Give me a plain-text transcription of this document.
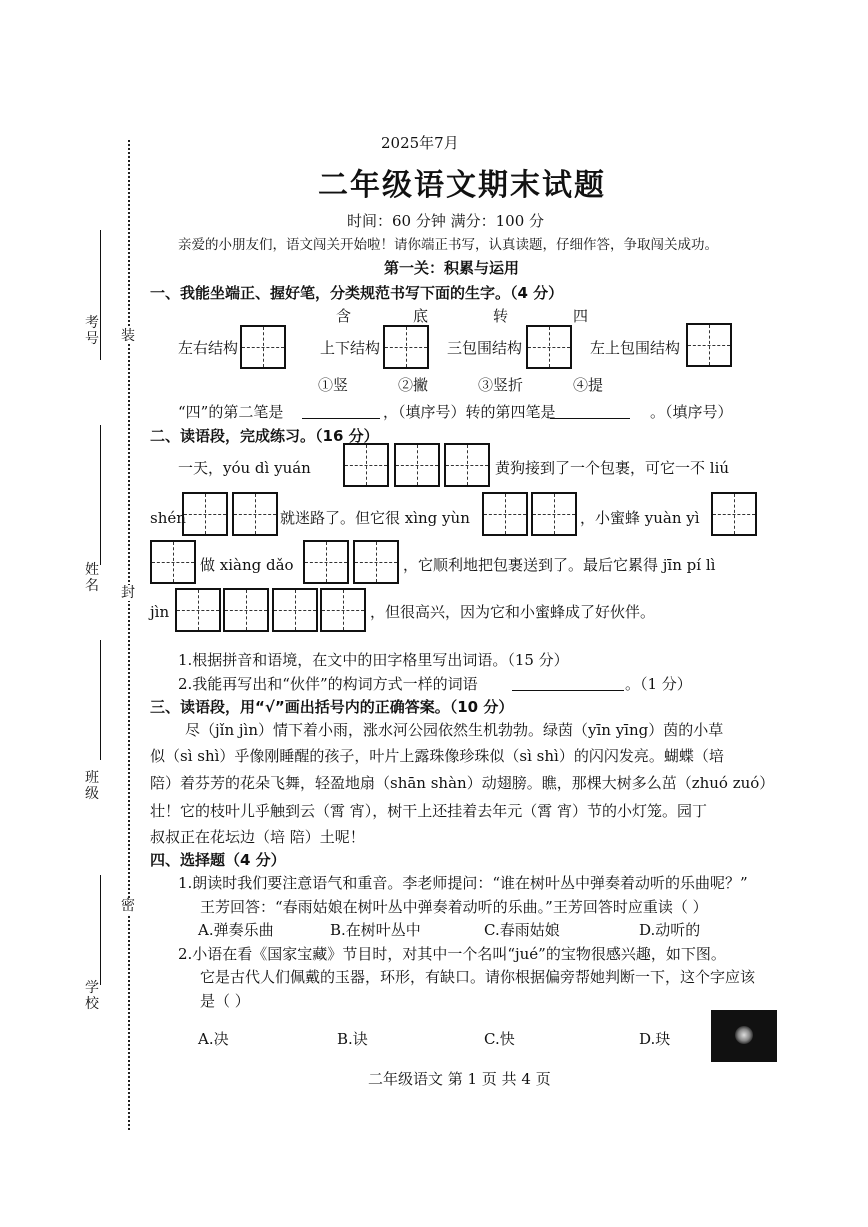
考号
姓名
班级
学校
装
封
密
2025年7月
二年级语文期末试题
时间：60 分钟 满分：100 分
亲爱的小朋友们，语文闯关开始啦！请你端正书写，认真读题，仔细作答，争取闯关成功。
第一关：积累与运用
一、我能坐端正、握好笔，分类规范书写下面的生字。（4 分）
含	底	转	四
左右结构	上下结构	三包围结构	左上包围结构
①竖	②撇	③竖折	④提
“四”的第二笔是	，（填序号）转的第四笔是	。（填序号）
二、读语段，完成练习。（16 分）
一天，yóu dì yuán	黄狗接到了一个包裹，可它一不 liú
shén	就迷路了。但它很 xìng yùn	，小蜜蜂 yuàn yì
做 xiàng dǎo	，它顺利地把包裹送到了。最后它累得 jīn pí lì
jìn	，但很高兴，因为它和小蜜蜂成了好伙伴。
1.根据拼音和语境，在文中的田字格里写出词语。（15 分）
2.我能再写出和“伙伴”的构词方式一样的词语	。（1 分）
三、读语段，用“√”画出括号内的正确答案。（10 分）
尽（jǐn jìn）情下着小雨，涨水河公园依然生机勃勃。绿茵（yīn yīng）茵的小草
似（sì shì）乎像刚睡醒的孩子，叶片上露珠像珍珠似（sì shì）的闪闪发亮。蝴蝶（培
陪）着芬芳的花朵飞舞，轻盈地扇（shān shàn）动翅膀。瞧，那棵大树多么茁（zhuó zuó）
壮！它的枝叶儿乎触到云（霄 宵），树干上还挂着去年元（霄 宵）节的小灯笼。园丁
叔叔正在花坛边（培 陪）土呢！
四、选择题（4 分）
1.朗读时我们要注意语气和重音。李老师提问：“谁在树叶丛中弹奏着动听的乐曲呢？”
王芳回答：“春雨姑娘在树叶丛中弹奏着动听的乐曲。”王芳回答时应重读（ ）
A.弹奏乐曲	B.在树叶丛中	C.春雨姑娘	D.动听的
2.小语在看《国家宝藏》节目时，对其中一个名叫“jué”的宝物很感兴趣，如下图。
它是古代人们佩戴的玉器，环形，有缺口。请你根据偏旁帮她判断一下，这个字应该
是（ ）
A.决	B.诀	C.快	D.玦
二年级语文 第 1 页 共 4 页
